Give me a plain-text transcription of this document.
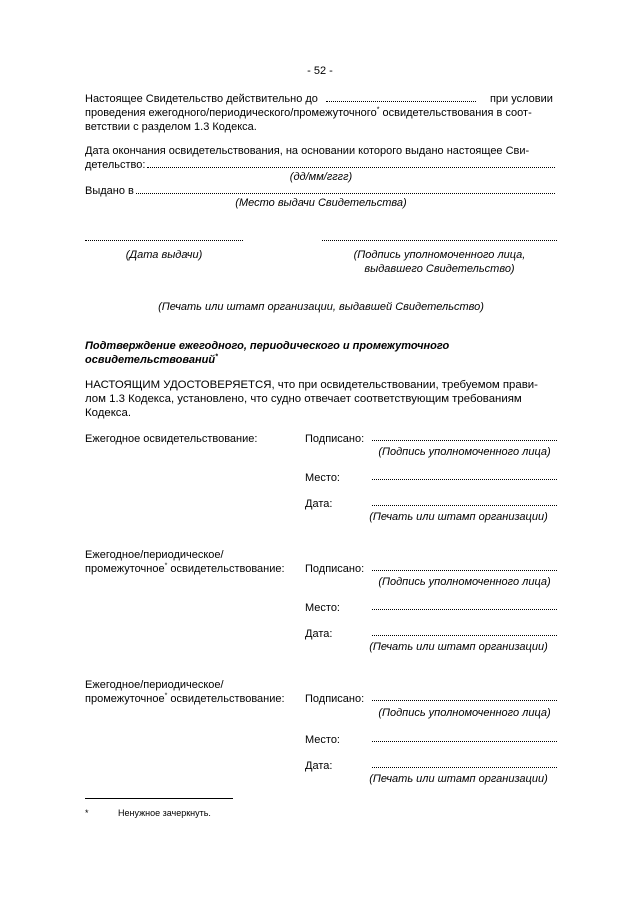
- 52 -
Настоящее Свидетельство действительно до	при условии
проведения ежегодного/периодического/промежуточного* освидетельствования в соот-
ветствии с разделом 1.3 Кодекса.
Дата окончания освидетельствования, на основании которого выдано настоящее Сви-
детельство:
(дд/мм/гггг)
Выдано в
(Место выдачи Свидетельства)
(Дата выдачи)	(Подпись уполномоченного лица,
выдавшего Свидетельство)
(Печать или штамп организации, выдавшей Свидетельство)
Подтверждение ежегодного, периодического и промежуточного
освидетельствований*
НАСТОЯЩИМ УДОСТОВЕРЯЕТСЯ, что при освидетельствовании, требуемом прави-
лом 1.3 Кодекса, установлено, что судно отвечает соответствующим требованиям
Кодекса.
Ежегодное освидетельствование:	Подписано:
(Подпись уполномоченного лица)
Место:
Дата:
(Печать или штамп организации)
Ежегодное/периодическое/
промежуточное* освидетельствование: Подписано:
(Подпись уполномоченного лица)
Место:
Дата:
(Печать или штамп организации)
Ежегодное/периодическое/
промежуточное* освидетельствование: Подписано:
(Подпись уполномоченного лица)
Место:
Дата:
(Печать или штамп организации)
*	Ненужное зачеркнуть.
